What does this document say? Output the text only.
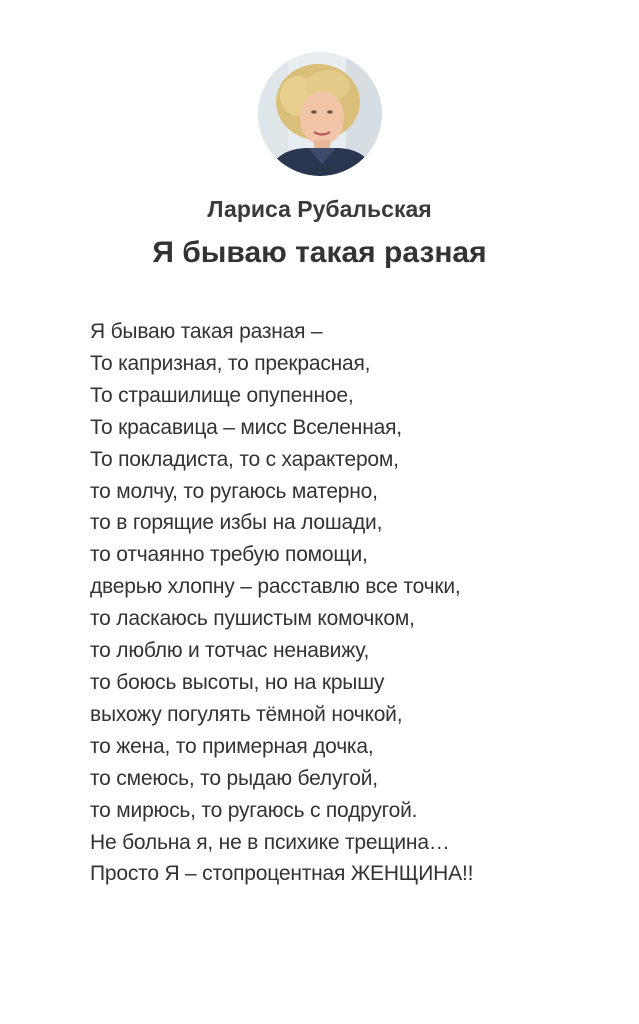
Лариса Рубальская
Я бываю такая разная
Я бываю такая разная –
То капризная, то прекрасная,
То страшилище опупенное,
То красавица – мисс Вселенная,
То покладиста, то с характером,
то молчу, то ругаюсь матерно,
то в горящие избы на лошади,
то отчаянно требую помощи,
дверью хлопну – расставлю все точки,
то ласкаюсь пушистым комочком,
то люблю и тотчас ненавижу,
то боюсь высоты, но на крышу
выхожу погулять тёмной ночкой,
то жена, то примерная дочка,
то смеюсь, то рыдаю белугой,
то мирюсь, то ругаюсь с подругой.
Не больна я, не в психике трещина…
Просто Я – стопроцентная ЖЕНЩИНА!!
